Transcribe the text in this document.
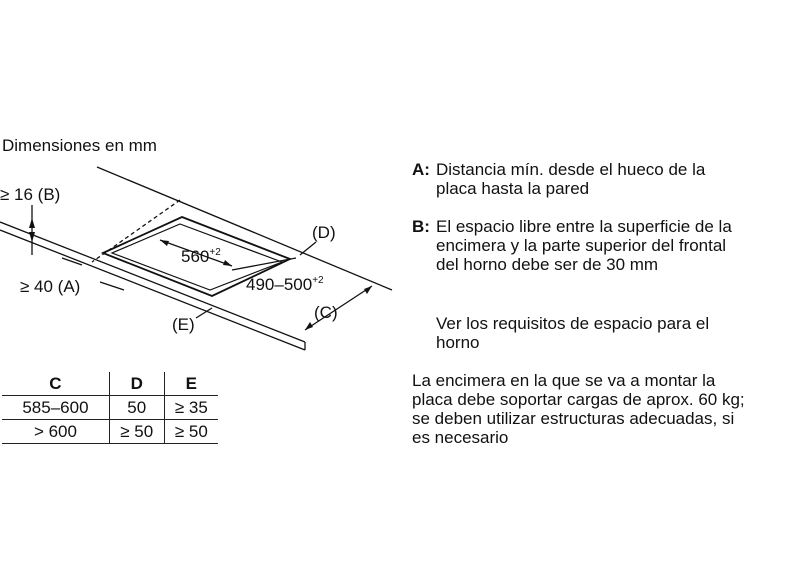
Dimensiones en mm
≥ 16 (B)
≥ 40 (A)
(D)
(C)
(E)
$560^{+2}$
$490-500^{+2}$
C	D	E
585–600	50	≥ 35
> 600	≥ 50	≥ 50
A: Distancia mín. desde el hueco de la
placa hasta la pared
B: El espacio libre entre la superficie de la
encimera y la parte superior del frontal
del horno debe ser de 30 mm
Ver los requisitos de espacio para el
horno
La encimera en la que se va a montar la
placa debe soportar cargas de aprox. 60 kg;
se deben utilizar estructuras adecuadas, si
es necesario
